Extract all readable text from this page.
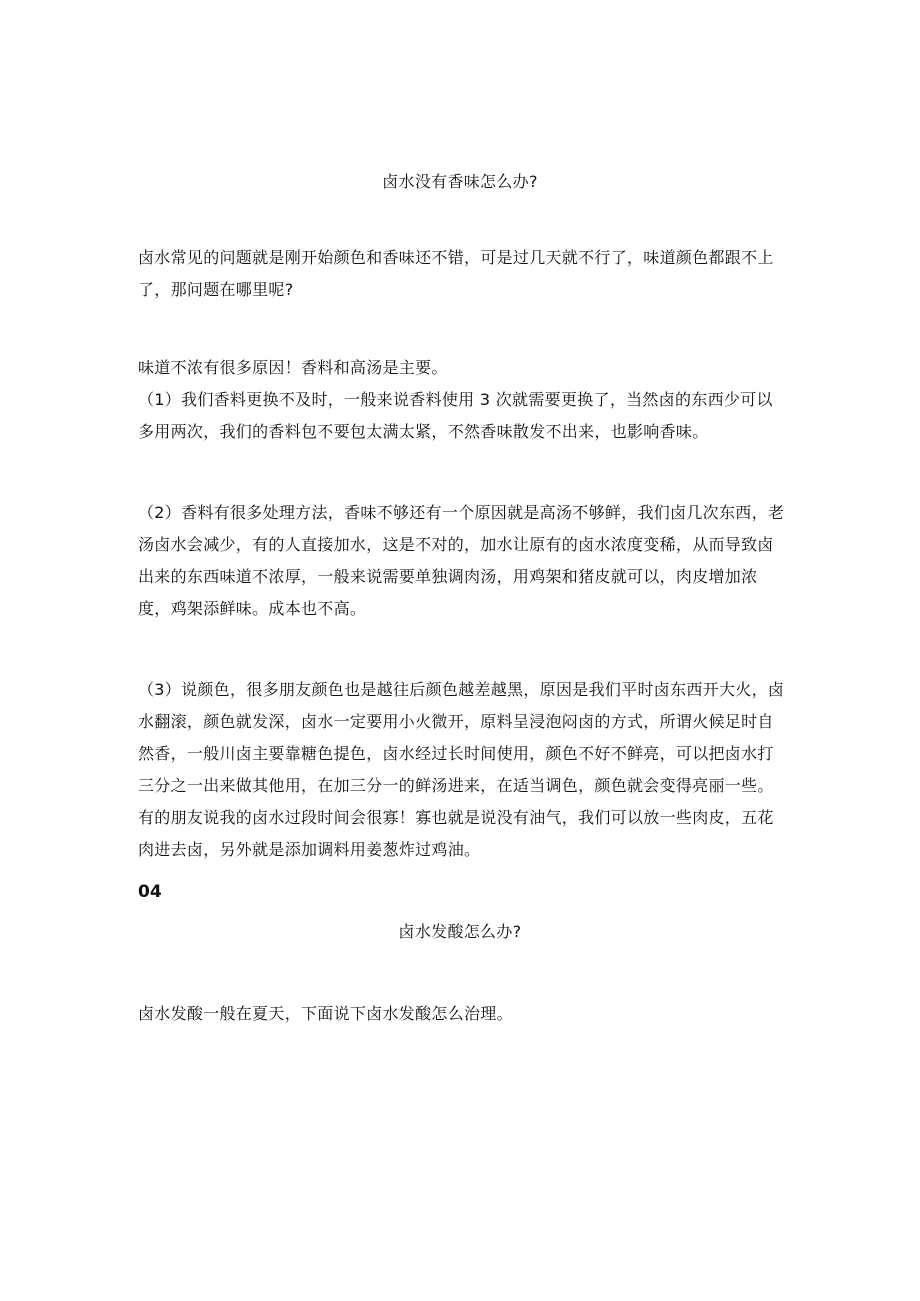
卤水没有香味怎么办?

卤水常见的问题就是刚开始颜色和香味还不错，可是过几天就不行了，味道颜色都跟不上了，那问题在哪里呢?

味道不浓有很多原因！香料和高汤是主要。

（1）我们香料更换不及时，一般来说香料使用 3 次就需要更换了，当然卤的东西少可以多用两次，我们的香料包不要包太满太紧，不然香味散发不出来，也影响香味。

（2）香料有很多处理方法，香味不够还有一个原因就是高汤不够鲜，我们卤几次东西，老汤卤水会减少，有的人直接加水，这是不对的，加水让原有的卤水浓度变稀，从而导致卤出来的东西味道不浓厚，一般来说需要单独调肉汤，用鸡架和猪皮就可以，肉皮增加浓度，鸡架添鲜味。成本也不高。

（3）说颜色，很多朋友颜色也是越往后颜色越差越黑，原因是我们平时卤东西开大火，卤水翻滚，颜色就发深，卤水一定要用小火微开，原料呈浸泡闷卤的方式，所谓火候足时自然香，一般川卤主要靠糖色提色，卤水经过长时间使用，颜色不好不鲜亮，可以把卤水打三分之一出来做其他用，在加三分一的鲜汤进来，在适当调色，颜色就会变得亮丽一些。有的朋友说我的卤水过段时间会很寡！寡也就是说没有油气，我们可以放一些肉皮，五花肉进去卤，另外就是添加调料用姜葱炸过鸡油。

04

卤水发酸怎么办?

卤水发酸一般在夏天，下面说下卤水发酸怎么治理。
